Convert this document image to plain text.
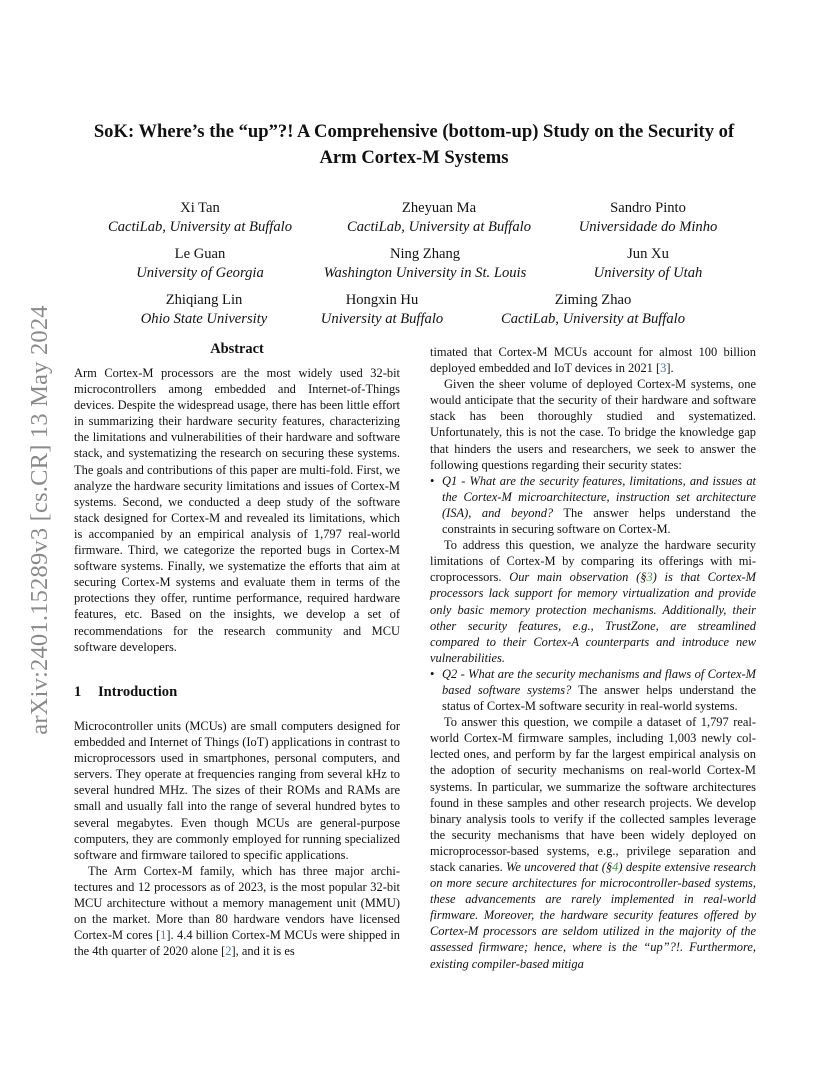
arXiv:2401.15289v3 [cs.CR] 13 May 2024
SoK: Where’s the “up”?! A Comprehensive (bottom-up) Study on the Security of
Arm Cortex-M Systems
Xi Tan
CactiLab, University at Buffalo
Zheyuan Ma
CactiLab, University at Buffalo
Sandro Pinto
Universidade do Minho
Le Guan
University of Georgia
Ning Zhang
Washington University in St. Louis
Jun Xu
University of Utah
Zhiqiang Lin
Ohio State University
Hongxin Hu
University at Buffalo
Ziming Zhao
CactiLab, University at Buffalo
Abstract

Arm Cortex-M processors are the most widely used 32-bit microcontrollers among embedded and Internet-of-Things devices. Despite the widespread usage, there has been little effort in summarizing their hardware security features, characterizing the limitations and vulnerabilities of their hardware and software stack, and systematizing the research on securing these systems. The goals and contributions of this paper are multi-fold. First, we analyze the hardware security limitations and issues of Cortex-M systems. Second, we conducted a deep study of the software stack designed for Cortex-M and revealed its limitations, which is accompanied by an empirical analysis of 1,797 real-world firmware. Third, we categorize the reported bugs in Cortex-M software systems. Finally, we systematize the efforts that aim at securing Cortex-M systems and evaluate them in terms of the protections they offer, runtime performance, required hardware features, etc. Based on the insights, we develop a set of recommendations for the research community and MCU software developers.

1 Introduction

Microcontroller units (MCUs) are small computers designed for embedded and Internet of Things (IoT) applications in contrast to microprocessors used in smartphones, personal computers, and servers. They operate at frequencies ranging from several kHz to several hundred MHz. The sizes of their ROMs and RAMs are small and usually fall into the range of several hundred bytes to several megabytes. Even though MCUs are general-purpose computers, they are commonly employed for running specialized software and firmware tailored to specific applications.

The Arm Cortex-M family, which has three major architectures and 12 processors as of 2023, is the most popular 32-bit MCU architecture without a memory management unit (MMU) on the market. More than 80 hardware vendors have licensed Cortex-M cores [1]. 4.4 billion Cortex-M MCUs were shipped in the 4th quarter of 2020 alone [2], and it is es

timated that Cortex-M MCUs account for almost 100 billion deployed embedded and IoT devices in 2021 [3].

Given the sheer volume of deployed Cortex-M systems, one would anticipate that the security of their hardware and software stack has been thoroughly studied and systematized. Unfortunately, this is not the case. To bridge the knowledge gap that hinders the users and researchers, we seek to answer the following questions regarding their security states:

• Q1 - What are the security features, limitations, and issues at the Cortex-M microarchitecture, instruction set architecture (ISA), and beyond? The answer helps understand the constraints in securing software on Cortex-M.

To address this question, we analyze the hardware security limitations of Cortex-M by comparing its offerings with microprocessors. Our main observation (§3) is that Cortex-M processors lack support for memory virtualization and provide only basic memory protection mechanisms. Additionally, their other security features, e.g., TrustZone, are streamlined compared to their Cortex-A counterparts and introduce new vulnerabilities.

• Q2 - What are the security mechanisms and flaws of Cortex-M based software systems? The answer helps understand the status of Cortex-M software security in real-world systems.

To answer this question, we compile a dataset of 1,797 real-world Cortex-M firmware samples, including 1,003 newly collected ones, and perform by far the largest empirical analysis on the adoption of security mechanisms on real-world Cortex-M systems. In particular, we summarize the software architectures found in these samples and other research projects. We develop binary analysis tools to verify if the collected samples leverage the security mechanisms that have been widely deployed on microprocessor-based systems, e.g., privilege separation and stack canaries. We uncovered that (§4) despite extensive research on more secure architectures for microcontroller-based systems, these advancements are rarely implemented in real-world firmware. Moreover, the hardware security features offered by Cortex-M processors are seldom utilized in the majority of the assessed firmware; hence, where is the “up”?!. Furthermore, existing compiler-based mitiga
